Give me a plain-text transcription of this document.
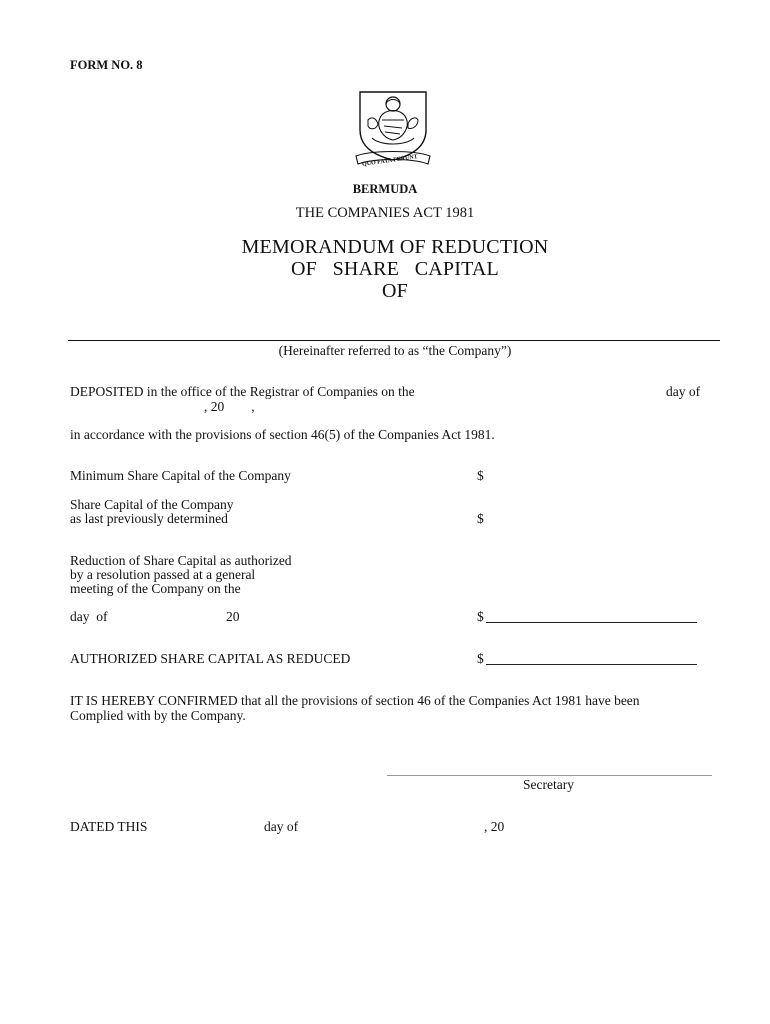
FORM NO. 8
QUO FATA FERUNT
BERMUDA
THE COMPANIES ACT 1981
MEMORANDUM OF REDUCTION
OF   SHARE   CAPITAL
OF
(Hereinafter referred to as “the Company”)
DEPOSITED in the office of the Registrar of Companies on the	day of
, 20        ,
in accordance with the provisions of section 46(5) of the Companies Act 1981.
Minimum Share Capital of the Company	$
Share Capital of the Company
as last previously determined	$
Reduction of Share Capital as authorized
by a resolution passed at a general
meeting of the Company on the
day  of	20	$
AUTHORIZED SHARE CAPITAL AS REDUCED	$
IT IS HEREBY CONFIRMED that all the provisions of section 46 of the Companies Act 1981 have been
Complied with by the Company.
Secretary
DATED THIS	day of	, 20
